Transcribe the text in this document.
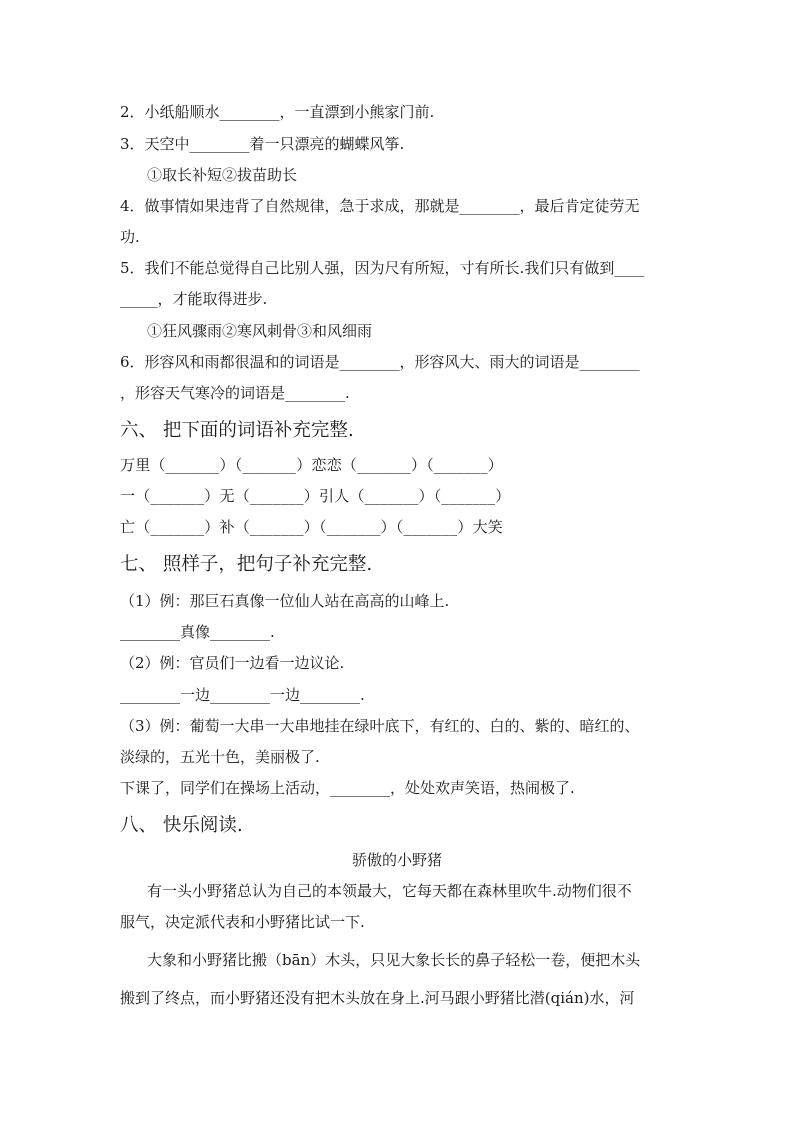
2．小纸船顺水________，一直漂到小熊家门前.
3．天空中________着一只漂亮的蝴蝶风筝.
①取长补短②拔苗助长
4．做事情如果违背了自然规律，急于求成，那就是________，最后肯定徒劳无
功.
5．我们不能总觉得自己比别人强，因为尺有所短，寸有所长.我们只有做到____
_____，才能取得进步.
①狂风骤雨②寒风刺骨③和风细雨
6．形容风和雨都很温和的词语是________，形容风大、雨大的词语是________
，形容天气寒冷的词语是________.
六、 把下面的词语补充完整.
万里（_______）（_______）恋恋（_______）（_______）
一（_______）无（_______）引人（_______）（_______）
亡（_______）补（_______）（_______）（_______）大笑
七、 照样子，把句子补充完整.
（1）例：那巨石真像一位仙人站在高高的山峰上.
________真像________.
（2）例：官员们一边看一边议论.
________一边________一边________.
（3）例：葡萄一大串一大串地挂在绿叶底下，有红的、白的、紫的、暗红的、
淡绿的，五光十色，美丽极了.
下课了，同学们在操场上活动，________，处处欢声笑语，热闹极了.
八、 快乐阅读.
骄傲的小野猪
有一头小野猪总认为自己的本领最大，它每天都在森林里吹牛.动物们很不
服气，决定派代表和小野猪比试一下.
大象和小野猪比搬（bān）木头，只见大象长长的鼻子轻松一卷，便把木头
搬到了终点，而小野猪还没有把木头放在身上.河马跟小野猪比潜(qián)水，河
